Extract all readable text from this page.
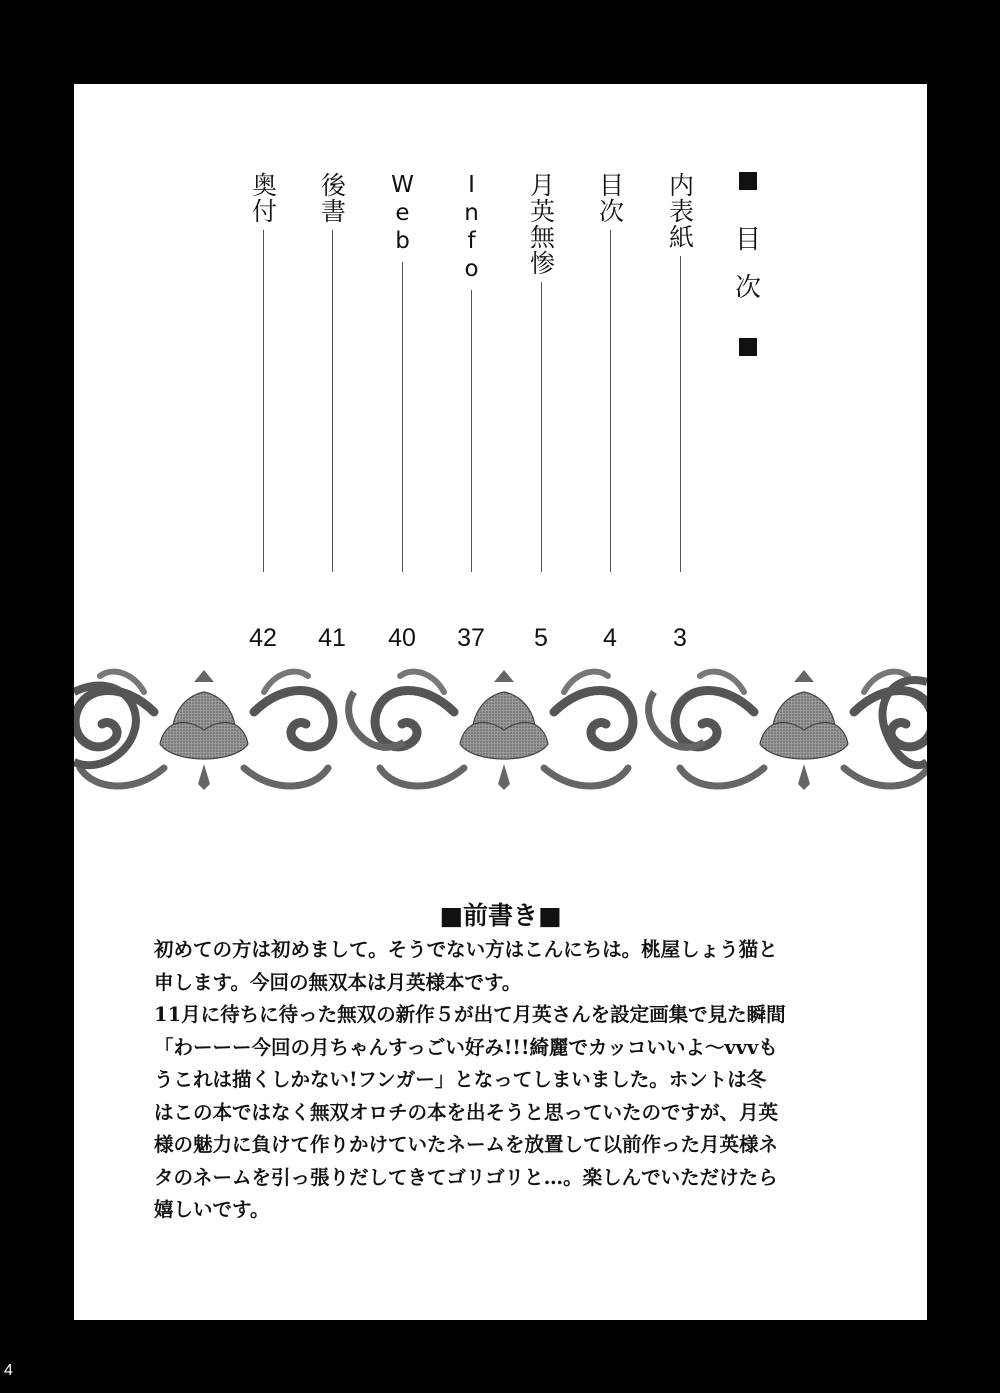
目
次
内表紙
3
目次
4
月英無惨
5
Info
37
Web
40
後書
41
奥付
42
■前書き■
初めての方は初めまして。そうでない方はこんにちは。桃屋しょう猫と
申します。今回の無双本は月英様本です。
11月に待ちに待った無双の新作５が出て月英さんを設定画集で見た瞬間
「わーーー今回の月ちゃんすっごい好み!!!綺麗でカッコいいよ～vvvも
うこれは描くしかない!フンガー」となってしまいました。ホントは冬
はこの本ではなく無双オロチの本を出そうと思っていたのですが、月英
様の魅力に負けて作りかけていたネームを放置して以前作った月英様ネ
タのネームを引っ張りだしてきてゴリゴリと…。楽しんでいただけたら
嬉しいです。
4
